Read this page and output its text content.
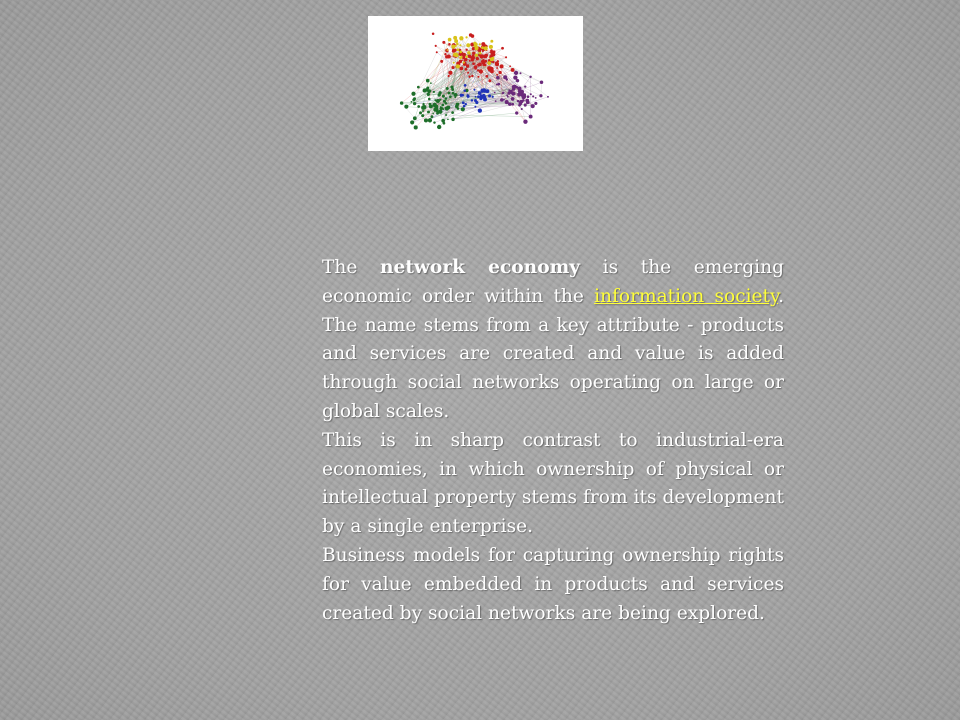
The network economy is the emerging economic order within the information society. The name stems from a key attribute - products and services are created and value is added through social networks operating on large or global scales.

This is in sharp contrast to industrial-era economies, in which ownership of physical or intellectual property stems from its development by a single enterprise.

Business models for capturing ownership rights for value embedded in products and services created by social networks are being explored.
